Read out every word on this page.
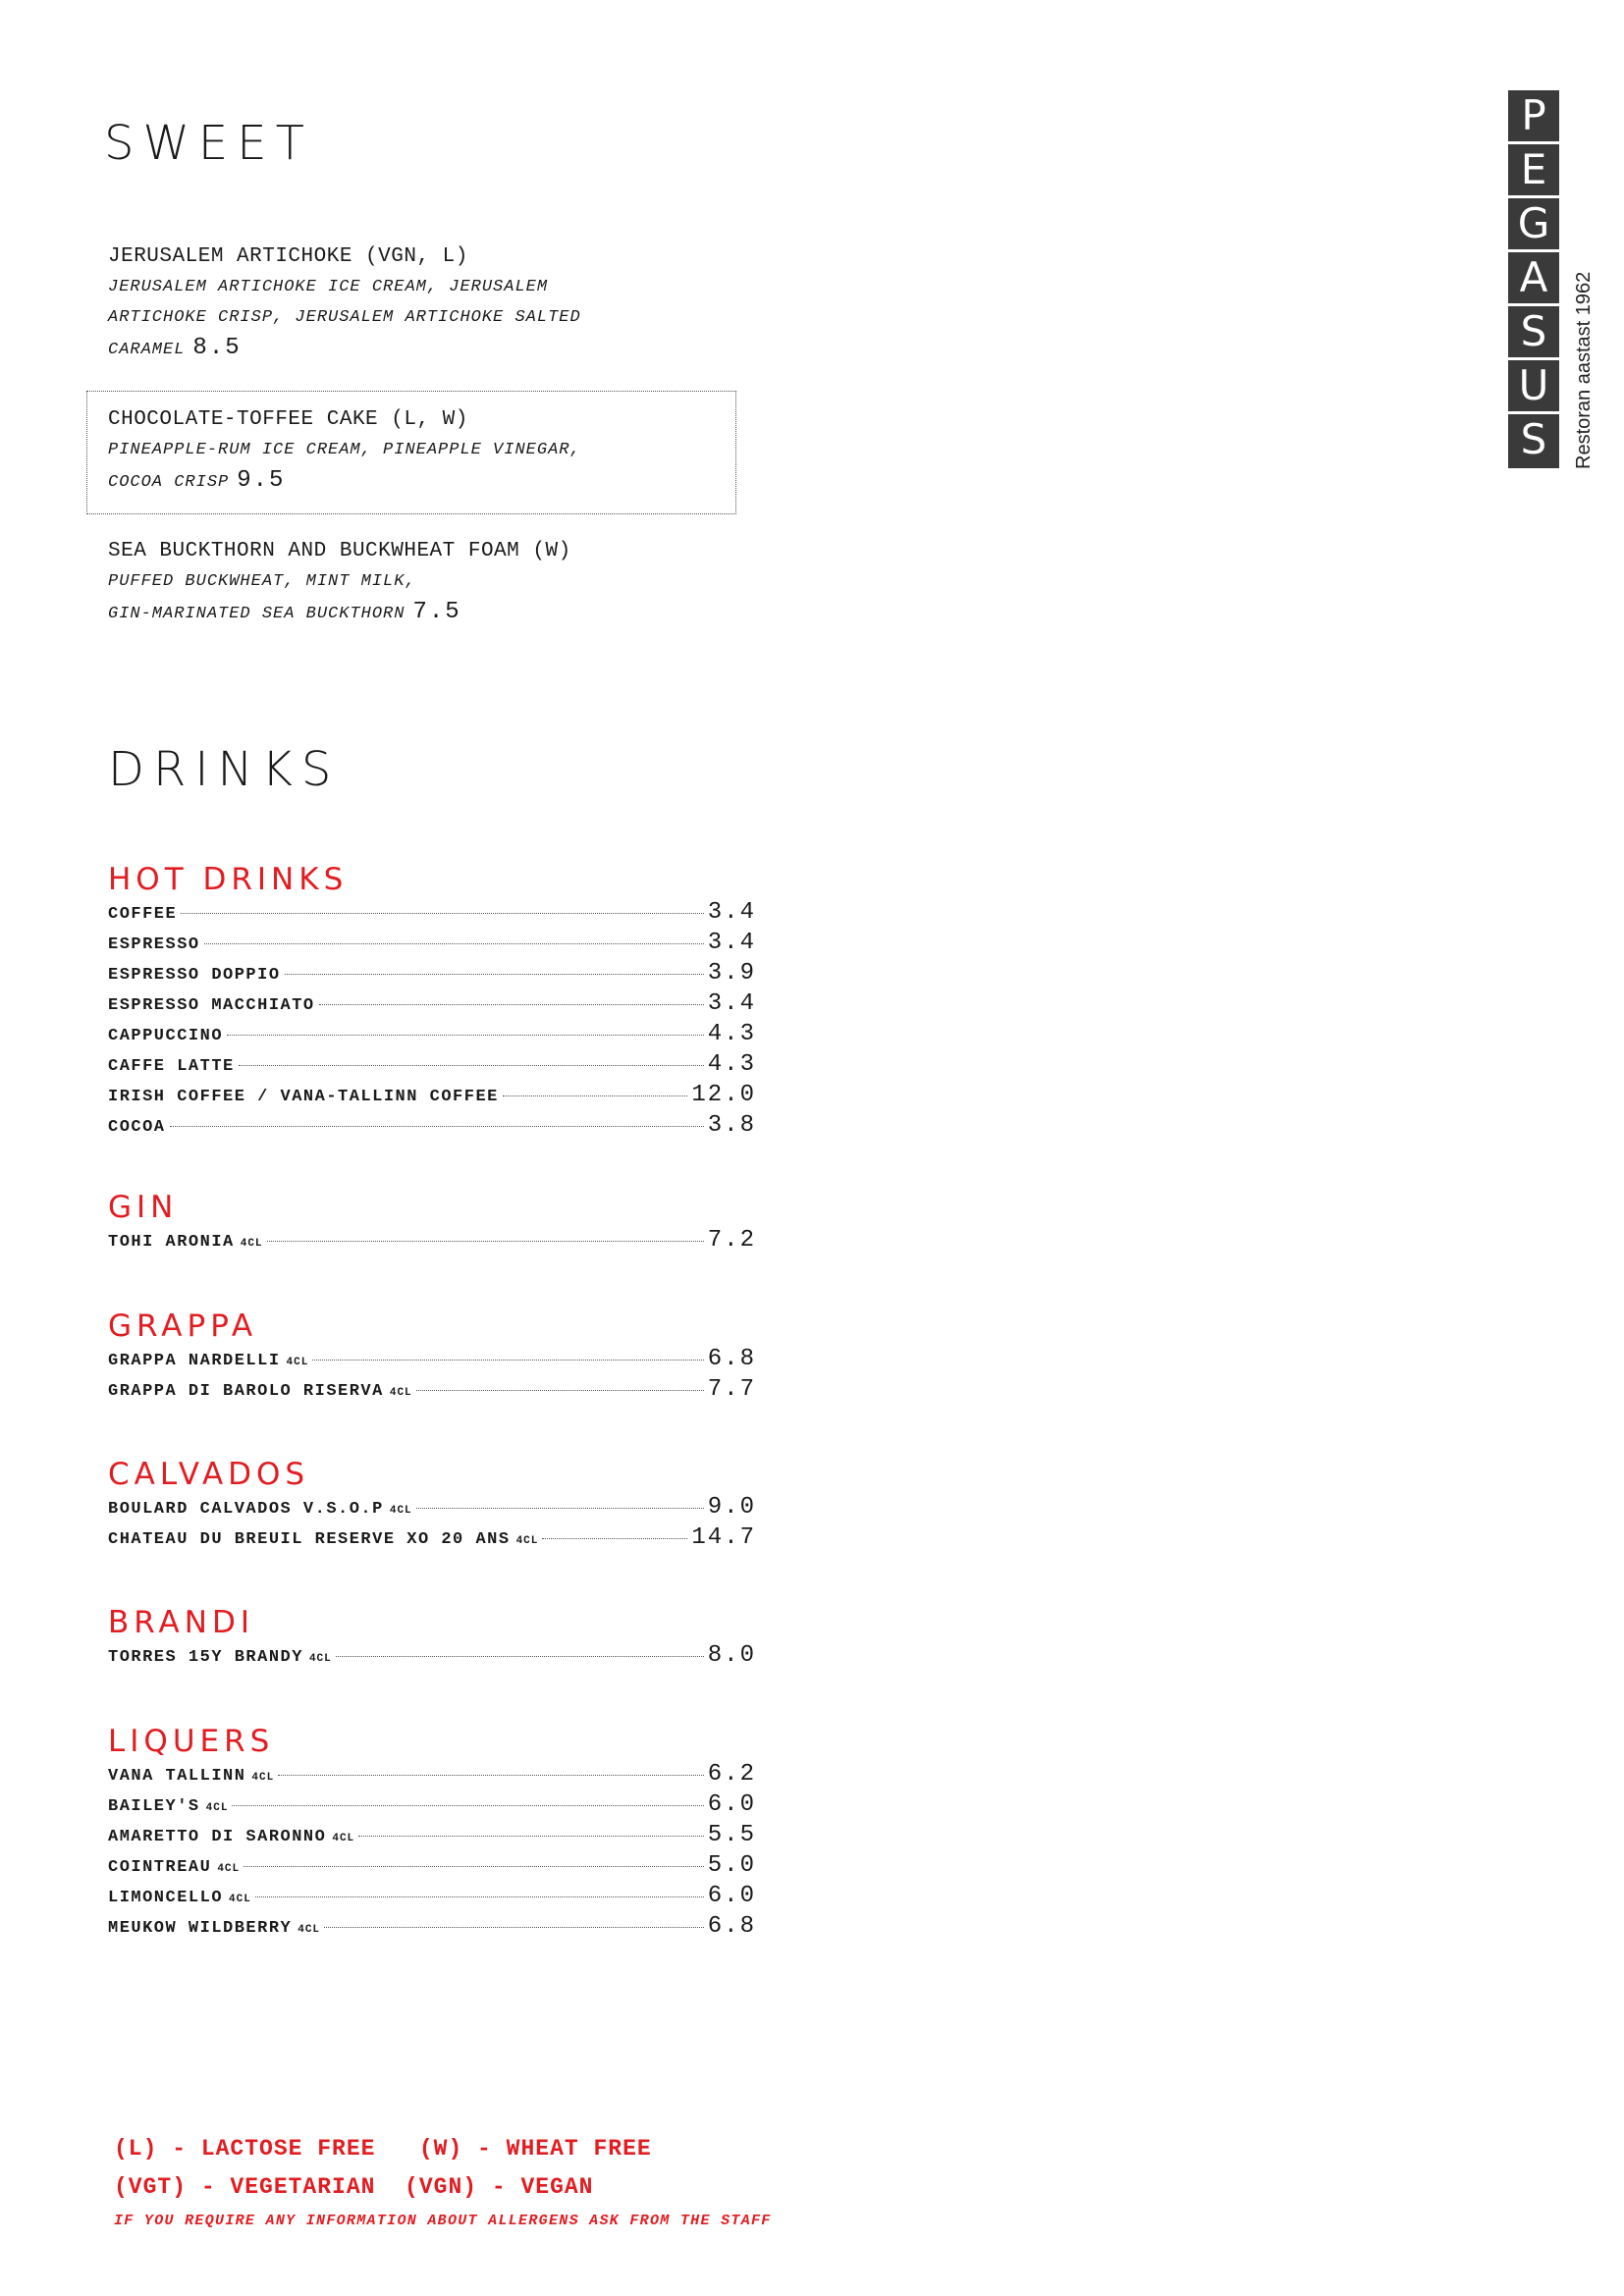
SWEET
JERUSALEM ARTICHOKE (VGN, L)
JERUSALEM ARTICHOKE ICE CREAM, JERUSALEM
ARTICHOKE CRISP, JERUSALEM ARTICHOKE SALTED
CARAMEL 8.5
CHOCOLATE-TOFFEE CAKE (L, W)
PINEAPPLE-RUM ICE CREAM, PINEAPPLE VINEGAR,
COCOA CRISP 9.5
SEA BUCKTHORN AND BUCKWHEAT FOAM (W)
PUFFED BUCKWHEAT, MINT MILK,
GIN-MARINATED SEA BUCKTHORN 7.5
DRINKS
HOT DRINKS
COFFEE	3.4
ESPRESSO	3.4
ESPRESSO DOPPIO	3.9
ESPRESSO MACCHIATO	3.4
CAPPUCCINO	4.3
CAFFE LATTE	4.3
IRISH COFFEE / VANA-TALLINN COFFEE	12.0
COCOA	3.8
GIN
TOHI ARONIA 4CL	7.2
GRAPPA
GRAPPA NARDELLI 4CL	6.8
GRAPPA DI BAROLO RISERVA 4CL	7.7
CALVADOS
BOULARD CALVADOS V.S.O.P 4CL	9.0
CHATEAU DU BREUIL RESERVE XO 20 ANS 4CL	14.7
BRANDI
TORRES 15Y BRANDY 4CL	8.0
LIQUERS
VANA TALLINN 4CL	6.2
BAILEY'S 4CL	6.0
AMARETTO DI SARONNO 4CL	5.5
COINTREAU 4CL	5.0
LIMONCELLO 4CL	6.0
MEUKOW WILDBERRY 4CL	6.8
(L) - LACTOSE FREE   (W) - WHEAT FREE
(VGT) - VEGETARIAN  (VGN) - VEGAN
IF YOU REQUIRE ANY INFORMATION ABOUT ALLERGENS ASK FROM THE STAFF
P
E
G
A
S
U
S	Restoran aastast 1962
